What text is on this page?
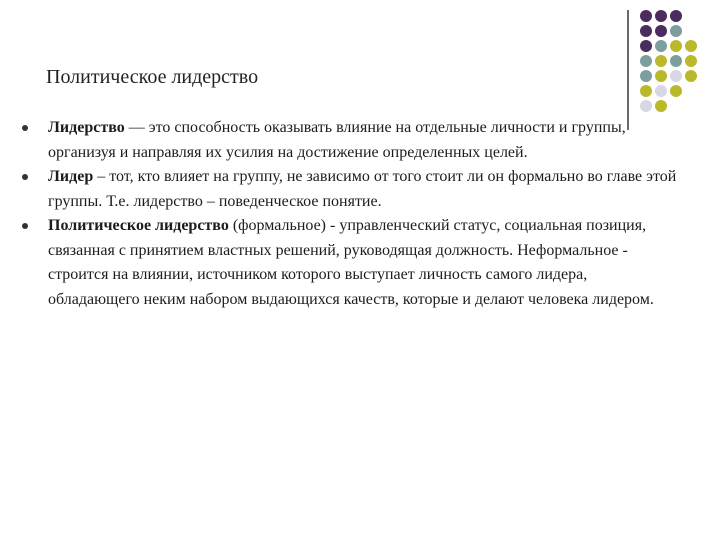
Политическое лидерство
Лидерство — это способность оказывать влияние на отдельные личности и группы, организуя и направляя их усилия на достижение определенных целей.
Лидер – тот, кто влияет на группу, не зависимо от того стоит ли он формально во главе этой группы. Т.е. лидерство – поведенческое понятие.
Политическое лидерство (формальное) - управленческий статус, социальная позиция, связанная с принятием властных решений, руководящая должность. Неформальное - строится на влиянии, источником которого выступает личность самого лидера, обладающего неким набором выдающихся качеств, которые и делают человека лидером.
